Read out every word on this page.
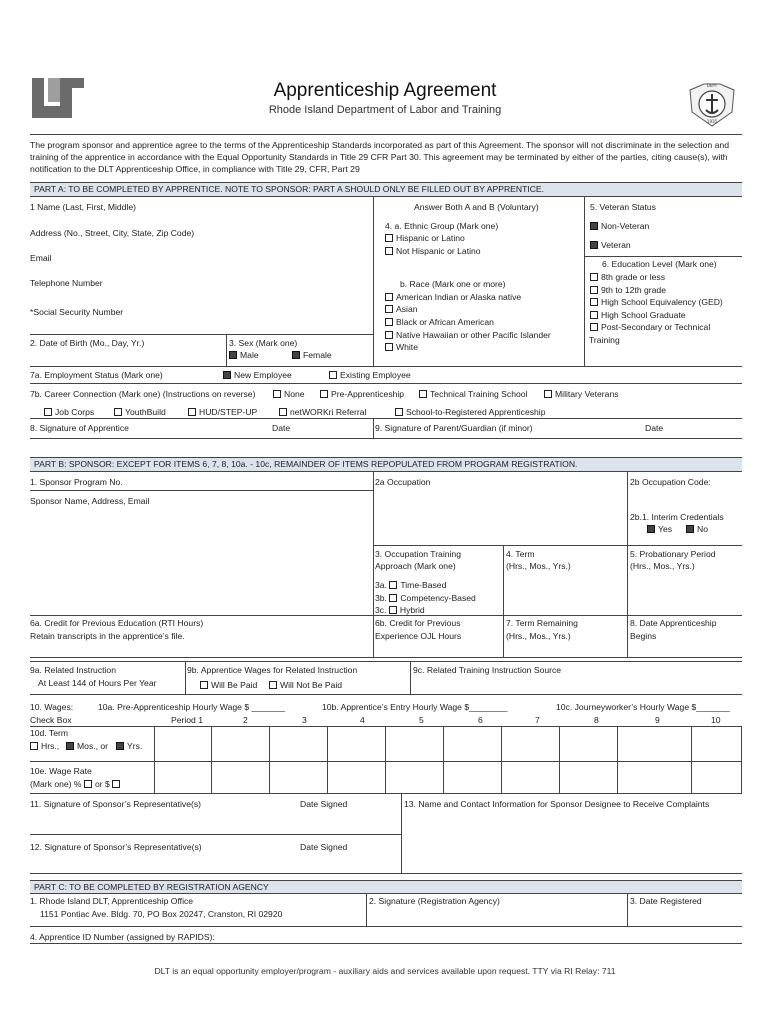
DEPT
1935
Apprenticeship Agreement
Rhode Island Department of Labor and Training
The program sponsor and apprentice agree to the terms of the Apprenticeship Standards incorporated as part of this Agreement. The sponsor will not discriminate in the selection and training of the apprentice in accordance with the Equal Opportunity Standards in Title 29 CFR Part 30. This agreement may be terminated by either of the parties, citing cause(s), with notification to the DLT Apprenticeship Office, in compliance with Title 29, CFR, Part 29
PART A: TO BE COMPLETED BY APPRENTICE. NOTE TO SPONSOR: PART A SHOULD ONLY BE FILLED OUT BY APPRENTICE.
1 Name (Last, First, Middle)
Address (No., Street, City, State, Zip Code)
Email
Telephone Number
*Social Security Number
2. Date of Birth (Mo., Day, Yr.)	3. Sex (Mark one)
Male	Female
Answer Both A and B (Voluntary)
4. a. Ethnic Group (Mark one)
Hispanic or Latino
Not Hispanic or Latino
b. Race (Mark one or more)
American Indian or Alaska native
Asian
Black or African American
Native Hawaiian or other Pacific Islander
White
5. Veteran Status
Non-Veteran
Veteran
6. Education Level (Mark one)
8th grade or less
9th to 12th grade
High School Equivalency (GED)
High School Graduate
Post-Secondary or Technical
Training
7a. Employment Status (Mark one)	New Employee	Existing Employee
7b. Career Connection (Mark one) (Instructions on reverse)	None	Pre-Apprenticeship	Technical Training School	Military Veterans
Job Corps	YouthBuild	HUD/STEP-UP	netWORKri Referral	School-to-Registered Apprenticeship
8. Signature of Apprentice	Date	9. Signature of Parent/Guardian (if minor)	Date
PART B: SPONSOR: EXCEPT FOR ITEMS 6, 7, 8, 10a. - 10c, REMAINDER OF ITEMS REPOPULATED FROM PROGRAM REGISTRATION.
1. Sponsor Program No.	2a Occupation	2b Occupation Code:
Sponsor Name, Address, Email
2b.1. Interim Credentials
Yes	No
3. Occupation Training
Approach (Mark one)
4. Term
(Hrs., Mos., Yrs.)
5. Probationary Period
(Hrs., Mos., Yrs.)
3a. Time-Based
3b. Competency-Based
3c. Hybrid
6a. Credit for Previous Education (RTI Hours)
Retain transcripts in the apprentice’s file.
6b. Credit for Previous
Experience OJL Hours
7. Term Remaining
(Hrs., Mos., Yrs.)
8. Date Apprenticeship
Begins
9a. Related Instruction
At Least 144 of Hours Per Year
9b. Apprentice Wages for Related Instruction
Will Be Paid	Will Not Be Paid
9c. Related Training Instruction Source
10. Wages:	10a. Pre-Apprenticeship Hourly Wage $ _______	10b. Apprentice’s Entry Hourly Wage $________	10c. Journeyworker’s Hourly Wage $_______
Check Box	Period 1	2	3	4	5	6	7	8	9	10
10d. Term
Hrs.,	Mos., or	Yrs.
10e. Wage Rate
(Mark one) % or $
11. Signature of Sponsor’s Representative(s)	Date Signed	13. Name and Contact Information for Sponsor Designee to Receive Complaints
12. Signature of Sponsor’s Representative(s)	Date Signed
PART C: TO BE COMPLETED BY REGISTRATION AGENCY
1. Rhode Island DLT, Apprenticeship Office
1151 Pontiac Ave. Bldg. 70, PO Box 20247, Cranston, RI 02920
2. Signature (Registration Agency)	3. Date Registered
4. Apprentice ID Number (assigned by RAPIDS):
DLT is an equal opportunity employer/program - auxiliary aids and services available upon request. TTY via RI Relay: 711
